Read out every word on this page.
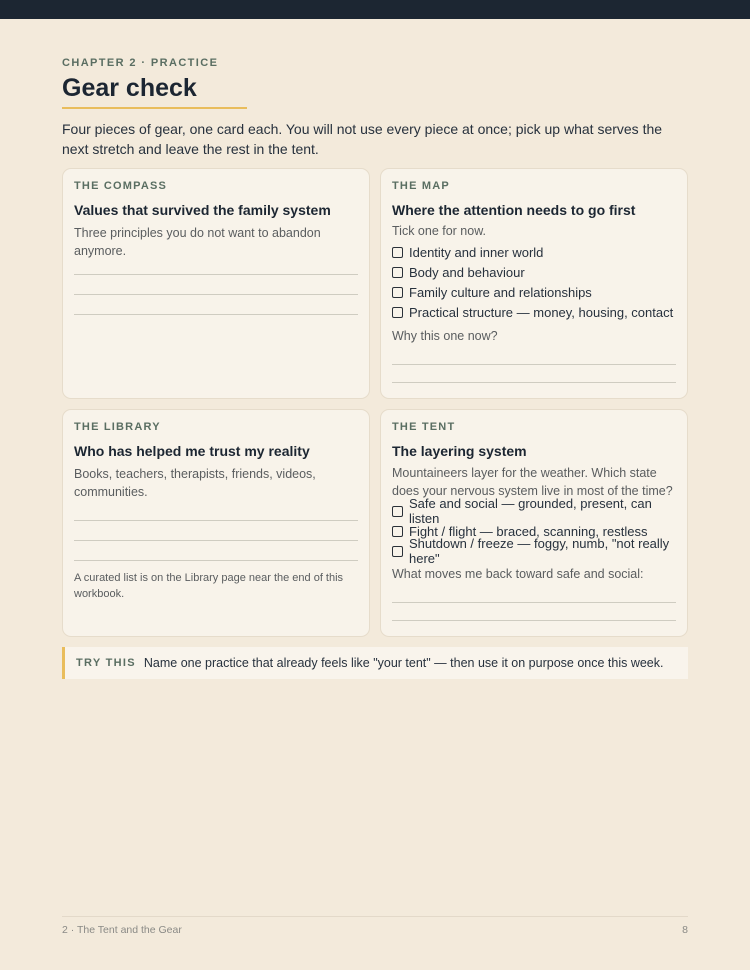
CHAPTER 2 · PRACTICE
Gear check

Four pieces of gear, one card each. You will not use every piece at once; pick up what serves the next stretch and leave the rest in the tent.

THE COMPASS
Values that survived the family system
Three principles you do not want to abandon anymore.
THE MAP
Where the attention needs to go first
Tick one for now.
Identity and inner world
Body and behaviour
Family culture and relationships
Practical structure — money, housing, contact
Why this one now?
THE LIBRARY
Who has helped me trust my reality
Books, teachers, therapists, friends, videos, communities.
A curated list is on the Library page near the end of this workbook.
THE TENT
The layering system
Mountaineers layer for the weather. Which state does your nervous system live in most of the time?
Safe and social — grounded, present, can listen
Fight / flight — braced, scanning, restless
Shutdown / freeze — foggy, numb, "not really here"
What moves me back toward safe and social:
TRY THIS Name one practice that already feels like "your tent" — then use it on purpose once this week.
2 · The Tent and the Gear	8
